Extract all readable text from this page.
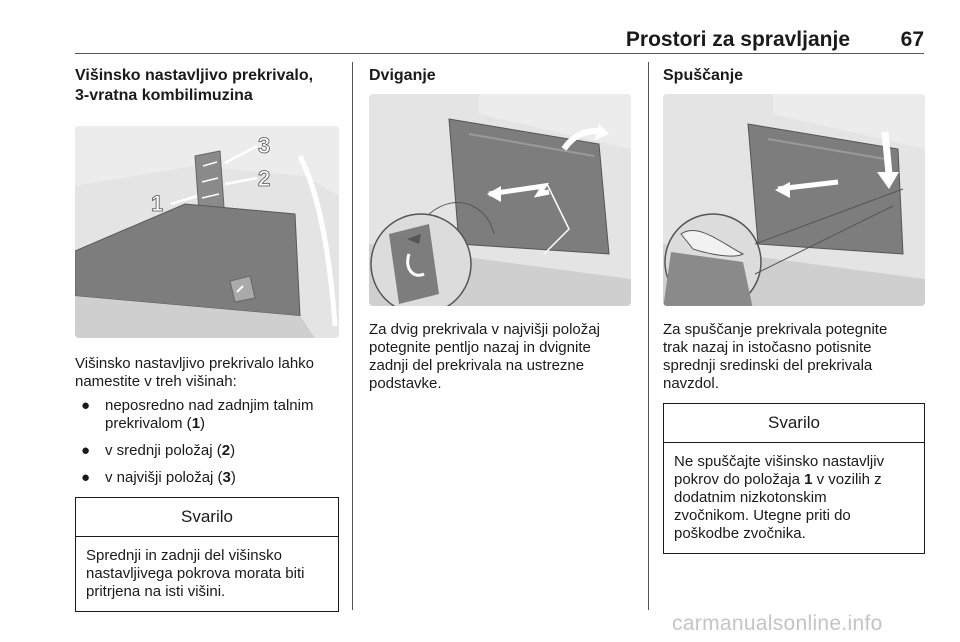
Prostori za spravljanje	67
Višinsko nastavljivo prekrivalo,
3-vratna kombilimuzina
1
2
3
Višinsko nastavljivo prekrivalo lahko
namestite v treh višinah:
● neposredno nad zadnjim talnim
prekrivalom (1)
● v srednji položaj (2)
● v najvišji položaj (3)
Svarilo
Sprednji in zadnji del višinsko
nastavljivega pokrova morata biti
pritrjena na isti višini.
Dviganje
Za dvig prekrivala v najvišji položaj
potegnite pentljo nazaj in dvignite
zadnji del prekrivala na ustrezne
podstavke.
Spuščanje
Za spuščanje prekrivala potegnite
trak nazaj in istočasno potisnite
sprednji sredinski del prekrivala
navzdol.
Svarilo
Ne spuščajte višinsko nastavljiv
pokrov do položaja 1 v vozilih z
dodatnim nizkotonskim
zvočnikom. Utegne priti do
poškodbe zvočnika.
carmanualsonline.info
